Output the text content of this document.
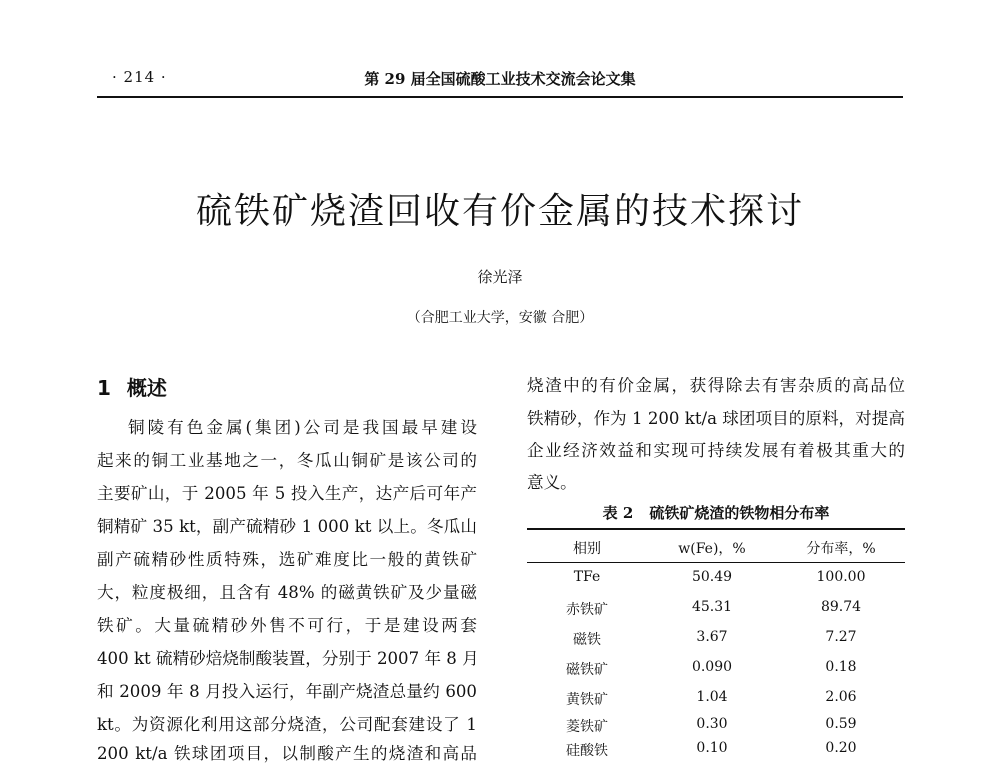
· 214 ·	第 29 届全国硫酸工业技术交流会论文集
硫铁矿烧渣回收有价金属的技术探讨
徐光泽
（合肥工业大学，安徽 合肥）
1 概述
铜陵有色金属(集团)公司是我国最早建设
起来的铜工业基地之一，冬瓜山铜矿是该公司的
主要矿山，于 2005 年 5 投入生产，达产后可年产
铜精矿 35 kt，副产硫精砂 1 000 kt 以上。冬瓜山
副产硫精砂性质特殊，选矿难度比一般的黄铁矿
大，粒度极细，且含有 48% 的磁黄铁矿及少量磁
铁矿。大量硫精砂外售不可行，于是建设两套
400 kt 硫精砂焙烧制酸装置，分别于 2007 年 8 月
和 2009 年 8 月投入运行，年副产烧渣总量约 600
kt。为资源化利用这部分烧渣，公司配套建设了 1
200 kt/a 铁球团项目，以制酸产生的烧渣和高品
烧渣中的有价金属，获得除去有害杂质的高品位
铁精砂，作为 1 200 kt/a 球团项目的原料，对提高
企业经济效益和实现可持续发展有着极其重大的
意义。
表 2 硫铁矿烧渣的铁物相分布率
相别	w(Fe)，%	分布率，%
TFe	50.49	100.00
赤铁矿	45.31	89.74
磁铁	3.67	7.27
磁铁矿	0.090	0.18
黄铁矿	1.04	2.06
菱铁矿	0.30	0.59
硅酸铁	0.10	0.20
